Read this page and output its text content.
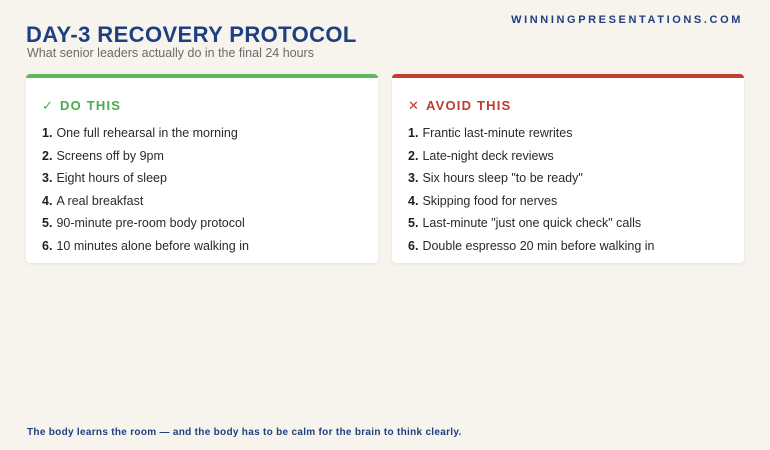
WINNINGPRESENTATIONS.COM
DAY-3 RECOVERY PROTOCOL
What senior leaders actually do in the final 24 hours
✓ DO THIS
1. One full rehearsal in the morning
2. Screens off by 9pm
3. Eight hours of sleep
4. A real breakfast
5. 90-minute pre-room body protocol
6. 10 minutes alone before walking in
✕ AVOID THIS
1. Frantic last-minute rewrites
2. Late-night deck reviews
3. Six hours sleep "to be ready"
4. Skipping food for nerves
5. Last-minute "just one quick check" calls
6. Double espresso 20 min before walking in
The body learns the room — and the body has to be calm for the brain to think clearly.
